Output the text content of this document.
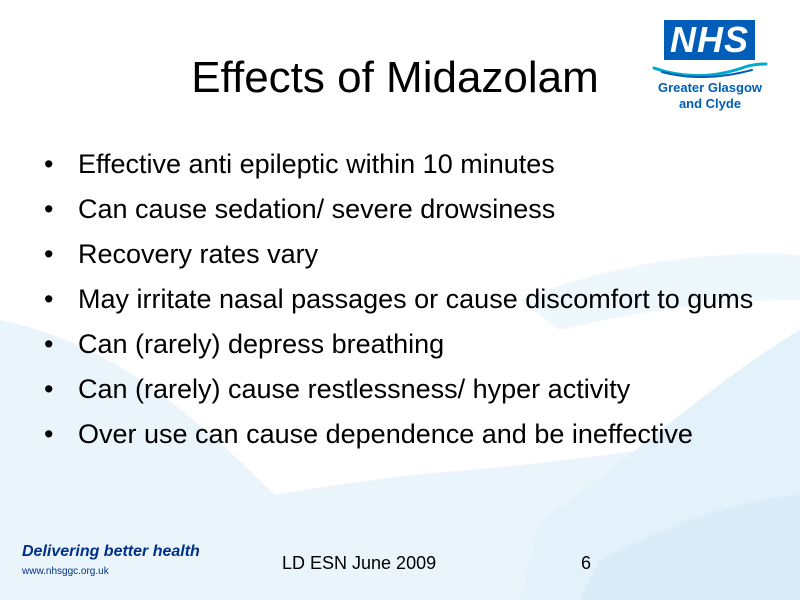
Effects of Midazolam
NHS
Greater Glasgow
and Clyde
• Effective anti epileptic within 10 minutes
• Can cause sedation/ severe drowsiness
• Recovery rates vary
• May irritate nasal passages or cause discomfort to gums
• Can (rarely) depress breathing
• Can (rarely) cause restlessness/ hyper activity
• Over use can cause dependence and be ineffective
Delivering better health
www.nhsggc.org.uk	LD ESN June 2009	6
